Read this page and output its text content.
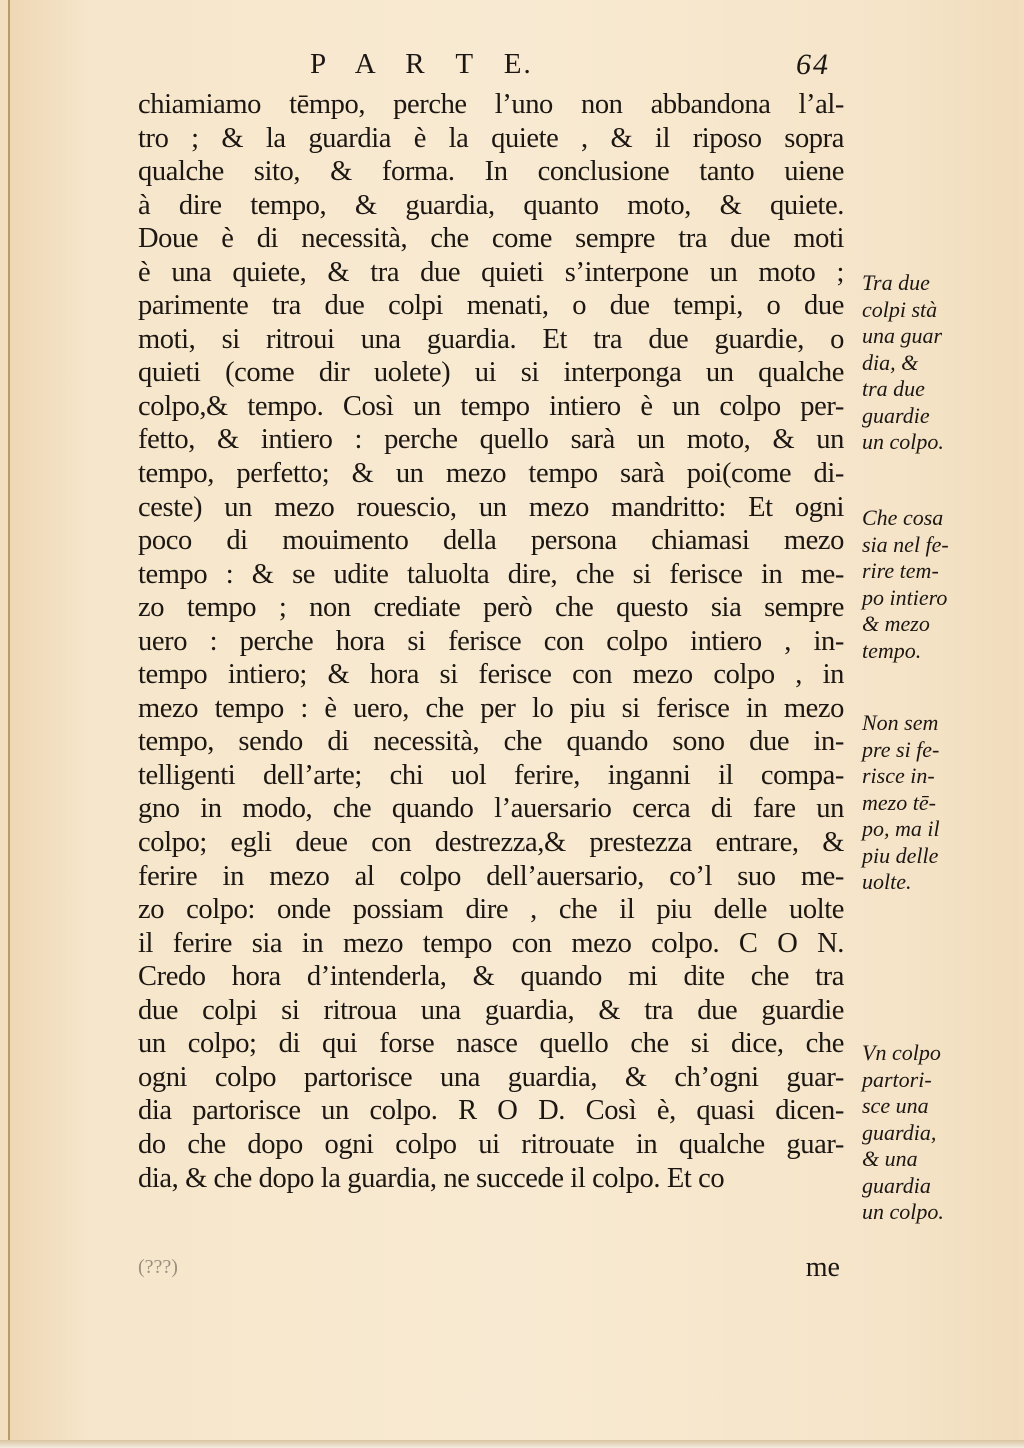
P A R T E.	64
chiamiamo tēmpo, perche l’uno non abbandona l’al-
tro ; & la guardia è la quiete , & il riposo sopra
qualche sito, & forma. In conclusione tanto uiene
à dire tempo, & guardia, quanto moto, & quiete.
Doue è di necessità, che come sempre tra due moti
è una quiete, & tra due quieti s’interpone un moto ;
parimente tra due colpi menati, o due tempi, o due
moti, si ritroui una guardia. Et tra due guardie, o
quieti (come dir uolete) ui si interponga un qualche
colpo,& tempo. Così un tempo intiero è un colpo per-
fetto, & intiero : perche quello sarà un moto, & un
tempo, perfetto; & un mezo tempo sarà poi(come di-
ceste) un mezo rouescio, un mezo mandritto: Et ogni
poco di mouimento della persona chiamasi mezo
tempo : & se udite taluolta dire, che si ferisce in me-
zo tempo ; non crediate però che questo sia sempre
uero : perche hora si ferisce con colpo intiero , in-
tempo intiero; & hora si ferisce con mezo colpo , in
mezo tempo : è uero, che per lo piu si ferisce in mezo
tempo, sendo di necessità, che quando sono due in-
telligenti dell’arte; chi uol ferire, inganni il compa-
gno in modo, che quando l’auersario cerca di fare un
colpo; egli deue con destrezza,& prestezza entrare, &
ferire in mezo al colpo dell’auersario, co’l suo me-
zo colpo: onde possiam dire , che il piu delle uolte
il ferire sia in mezo tempo con mezo colpo. C O N.
Credo hora d’intenderla, & quando mi dite che tra
due colpi si ritroua una guardia, & tra due guardie
un colpo; di qui forse nasce quello che si dice, che
ogni colpo partorisce una guardia, & ch’ogni guar-
dia partorisce un colpo. R O D. Così è, quasi dicen-
do che dopo ogni colpo ui ritrouate in qualche guar-
dia, & che dopo la guardia, ne succede il colpo. Et co
(???)	me
Tra due
colpi stà
una guar
dia, &
tra due
guardie
un colpo.
Che cosa
sia nel fe-
rire tem-
po intiero
& mezo
tempo.
Non sem
pre si fe-
risce in-
mezo tē-
po, ma il
piu delle
uolte.
Vn colpo
partori-
sce una
guardia,
& una
guardia
un colpo.
